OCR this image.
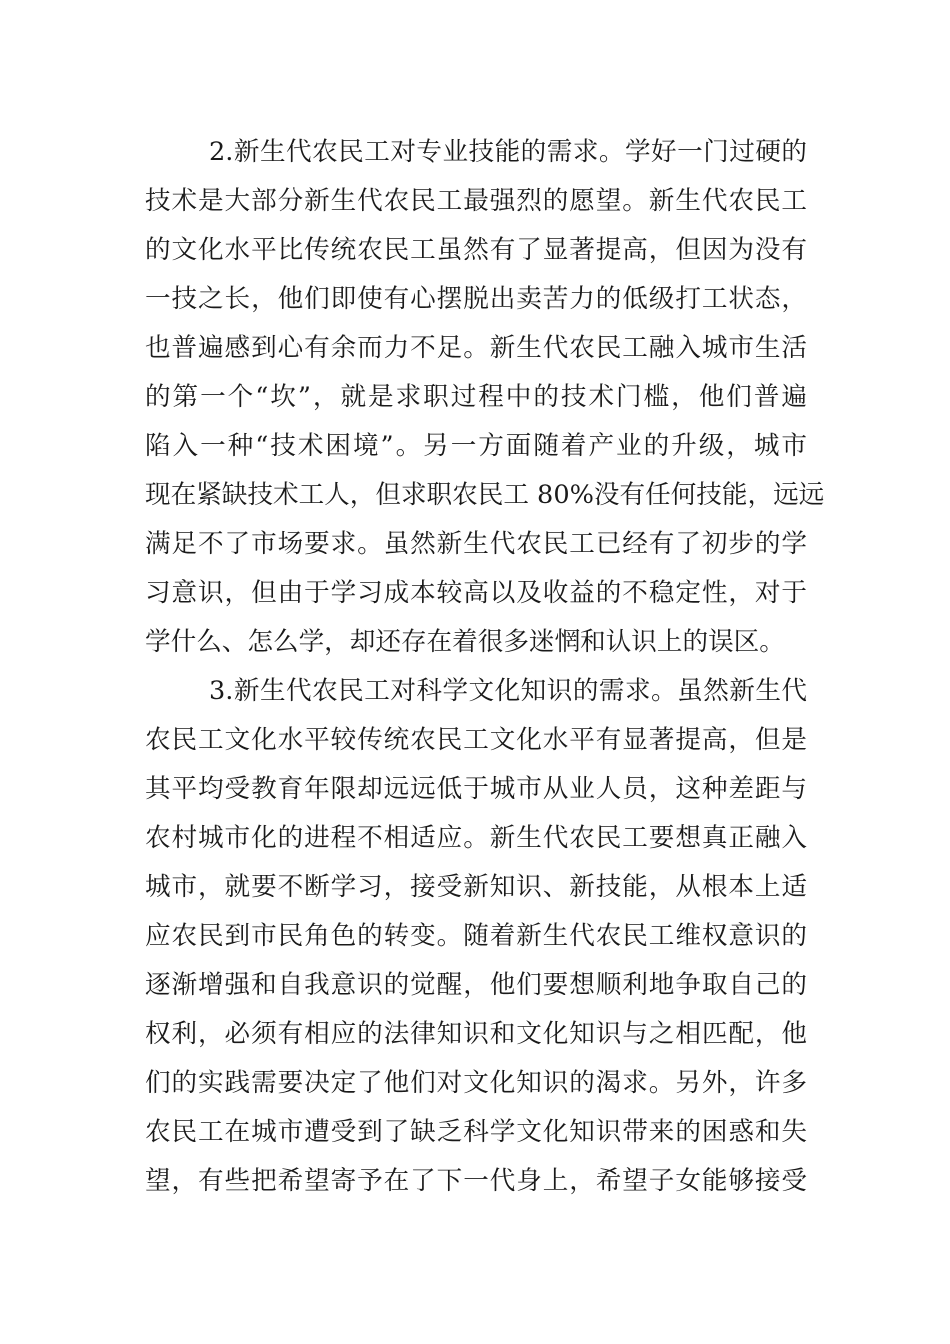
2.新生代农民工对专业技能的需求。学好一门过硬的
技术是大部分新生代农民工最强烈的愿望。新生代农民工
的文化水平比传统农民工虽然有了显著提高，但因为没有
一技之长，他们即使有心摆脱出卖苦力的低级打工状态，
也普遍感到心有余而力不足。新生代农民工融入城市生活
的第一个“坎”，就是求职过程中的技术门槛，他们普遍
陷入一种“技术困境”。另一方面随着产业的升级，城市
现在紧缺技术工人，但求职农民工 80%没有任何技能，远远
满足不了市场要求。虽然新生代农民工已经有了初步的学
习意识，但由于学习成本较高以及收益的不稳定性，对于
学什么、怎么学，却还存在着很多迷惘和认识上的误区。
3.新生代农民工对科学文化知识的需求。虽然新生代
农民工文化水平较传统农民工文化水平有显著提高，但是
其平均受教育年限却远远低于城市从业人员，这种差距与
农村城市化的进程不相适应。新生代农民工要想真正融入
城市，就要不断学习，接受新知识、新技能，从根本上适
应农民到市民角色的转变。随着新生代农民工维权意识的
逐渐增强和自我意识的觉醒，他们要想顺利地争取自己的
权利，必须有相应的法律知识和文化知识与之相匹配，他
们的实践需要决定了他们对文化知识的渴求。另外，许多
农民工在城市遭受到了缺乏科学文化知识带来的困惑和失
望，有些把希望寄予在了下一代身上，希望子女能够接受
